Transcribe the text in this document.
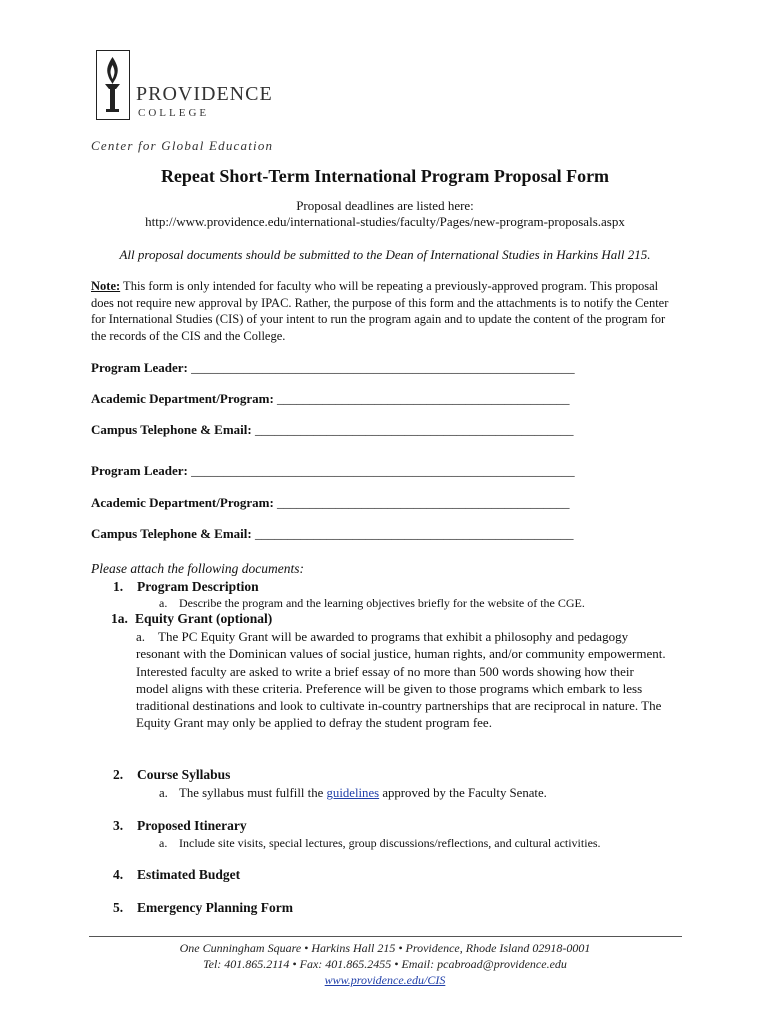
PROVIDENCE
COLLEGE
Center for Global Education
Repeat Short-Term International Program Proposal Form
Proposal deadlines are listed here:
http://www.providence.edu/international-studies/faculty/Pages/new-program-proposals.aspx
All proposal documents should be submitted to the Dean of International Studies in Harkins Hall 215.
Note: This form is only intended for faculty who will be repeating a previously-approved program. This proposal does not require new approval by IPAC. Rather, the purpose of this form and the attachments is to notify the Center for International Studies (CIS) of your intent to run the program again and to update the content of the program for the records of the CIS and the College.
Program Leader: ___________________________________________________________
Academic Department/Program: _____________________________________________
Campus Telephone & Email: _________________________________________________
Program Leader: ___________________________________________________________
Academic Department/Program: _____________________________________________
Campus Telephone & Email: _________________________________________________
Please attach the following documents:
1. Program Description
a. Describe the program and the learning objectives briefly for the website of the CGE.
1a. Equity Grant (optional)
a. The PC Equity Grant will be awarded to programs that exhibit a philosophy and pedagogy resonant with the Dominican values of social justice, human rights, and/or community empowerment. Interested faculty are asked to write a brief essay of no more than 500 words showing how their model aligns with these criteria. Preference will be given to those programs which embark to less traditional destinations and look to cultivate in-country partnerships that are reciprocal in nature. The Equity Grant may only be applied to defray the student program fee.
2. Course Syllabus
a. The syllabus must fulfill the guidelines approved by the Faculty Senate.
3. Proposed Itinerary
a. Include site visits, special lectures, group discussions/reflections, and cultural activities.
4. Estimated Budget
5. Emergency Planning Form
One Cunningham Square • Harkins Hall 215 • Providence, Rhode Island 02918-0001
Tel: 401.865.2114 • Fax: 401.865.2455 • Email: pcabroad@providence.edu
www.providence.edu/CIS
